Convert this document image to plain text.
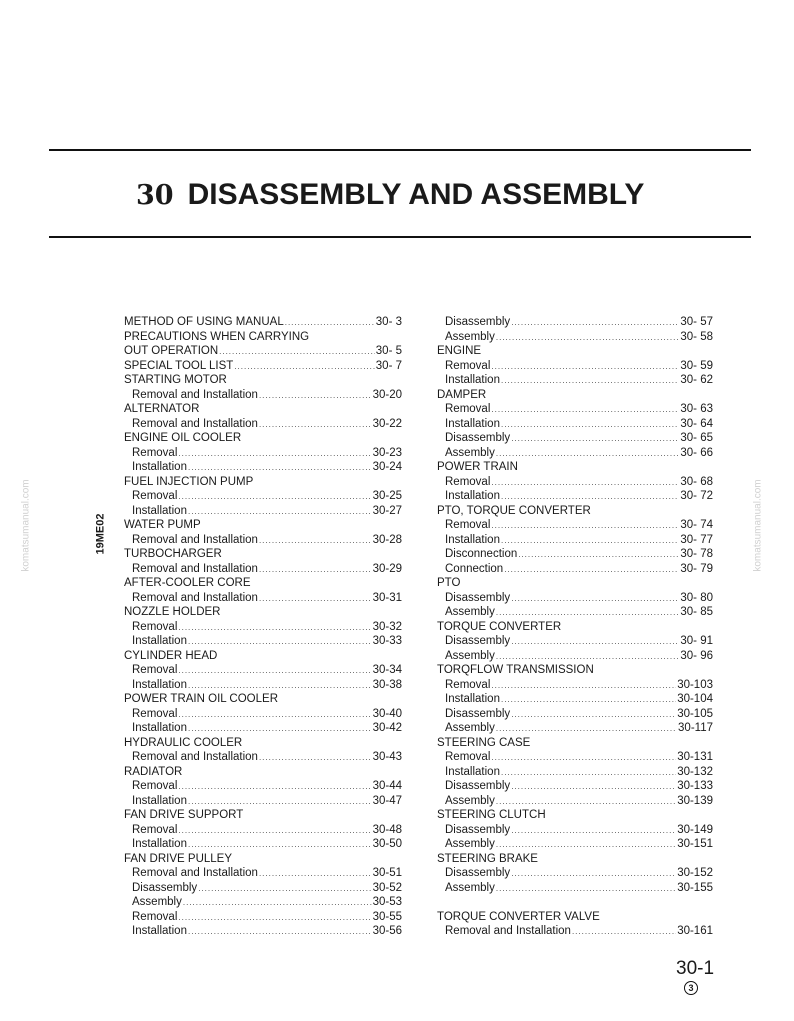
30 DISASSEMBLY AND ASSEMBLY
19ME02
komatsumanual.com	komatsumanual.com
METHOD OF USING MANUAL .....	30- 3
PRECAUTIONS WHEN CARRYING
OUT OPERATION .....	30- 5
SPECIAL TOOL LIST .....	30- 7
STARTING MOTOR
Removal and Installation .....	30-20
ALTERNATOR
Removal and Installation .....	30-22
ENGINE OIL COOLER
Removal .....	30-23
Installation .....	30-24
FUEL INJECTION PUMP
Removal .....	30-25
Installation .....	30-27
WATER PUMP
Removal and Installation .....	30-28
TURBOCHARGER
Removal and Installation .....	30-29
AFTER-COOLER CORE
Removal and Installation .....	30-31
NOZZLE HOLDER
Removal .....	30-32
Installation .....	30-33
CYLINDER HEAD
Removal .....	30-34
Installation .....	30-38
POWER TRAIN OIL COOLER
Removal .....	30-40
Installation .....	30-42
HYDRAULIC COOLER
Removal and Installation .....	30-43
RADIATOR
Removal .....	30-44
Installation .....	30-47
FAN DRIVE SUPPORT
Removal .....	30-48
Installation .....	30-50
FAN DRIVE PULLEY
Removal and Installation .....	30-51
Disassembly .....	30-52
Assembly .....	30-53
Removal .....	30-55
Installation .....	30-56
Disassembly .....	30- 57
Assembly .....	30- 58
ENGINE
Removal .....	30- 59
Installation .....	30- 62
DAMPER
Removal .....	30- 63
Installation .....	30- 64
Disassembly .....	30- 65
Assembly .....	30- 66
POWER TRAIN
Removal .....	30- 68
Installation .....	30- 72
PTO, TORQUE CONVERTER
Removal .....	30- 74
Installation .....	30- 77
Disconnection .....	30- 78
Connection .....	30- 79
PTO
Disassembly .....	30- 80
Assembly .....	30- 85
TORQUE CONVERTER
Disassembly .....	30- 91
Assembly .....	30- 96
TORQFLOW TRANSMISSION
Removal .....	30-103
Installation .....	30-104
Disassembly .....	30-105
Assembly .....	30-117
STEERING CASE
Removal .....	30-131
Installation .....	30-132
Disassembly .....	30-133
Assembly .....	30-139
STEERING CLUTCH
Disassembly .....	30-149
Assembly .....	30-151
STEERING BRAKE
Disassembly .....	30-152
Assembly .....	30-155
TORQUE CONVERTER VALVE
Removal and Installation .....	30-161
30-1
3
